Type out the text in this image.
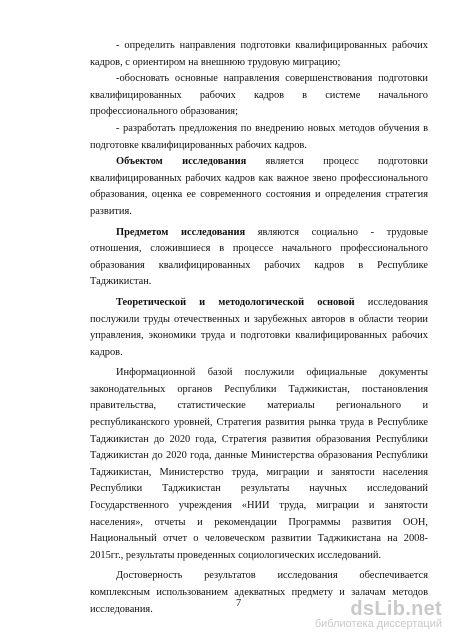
- определить направления подготовки квалифицированных рабочих кадров, с ориентиром на внешнюю трудовую миграцию;

-обосновать основные направления совершенствования подготовки квалифицированных рабочих кадров в системе начального профессионального образования;

- разработать предложения по внедрению новых методов обучения в подготовке квалифицированных рабочих кадров.

Объектом исследования является процесс подготовки квалифицированных рабочих кадров как важное звено профессионального образования, оценка ее современного состояния и определения стратегия развития.

Предметом исследования являются социально - трудовые отношения, сложившиеся в процессе начального профессионального образования квалифицированных рабочих кадров в Республике Таджикистан.

Теоретической и методологической основой исследования послужили труды отечественных и зарубежных авторов в области теории управления, экономики труда и подготовки квалифицированных рабочих кадров.

Информационной базой послужили официальные документы законодательных органов Республики Таджикистан, постановления правительства, статистические материалы регионального и республиканского уровней, Стратегия развития рынка труда в Республике Таджикистан до 2020 года, Стратегия развития образования Республики Таджикистан до 2020 года, данные Министерства образования Республики Таджикистан, Министерство труда, миграции и занятости населения Республики Таджикистан результаты научных исследований Государственного учреждения «НИИ труда, миграции и занятости населения», отчеты и рекомендации Программы развития ООН, Национальный отчет о человеческом развитии Таджикистана на 2008-2015гг., результаты проведенных социологических исследований.

Достоверность результатов исследования обеспечивается комплексным использованием адекватных предмету и залачам методов исследования.

7	dsLib.net
библиотека диссертаций
